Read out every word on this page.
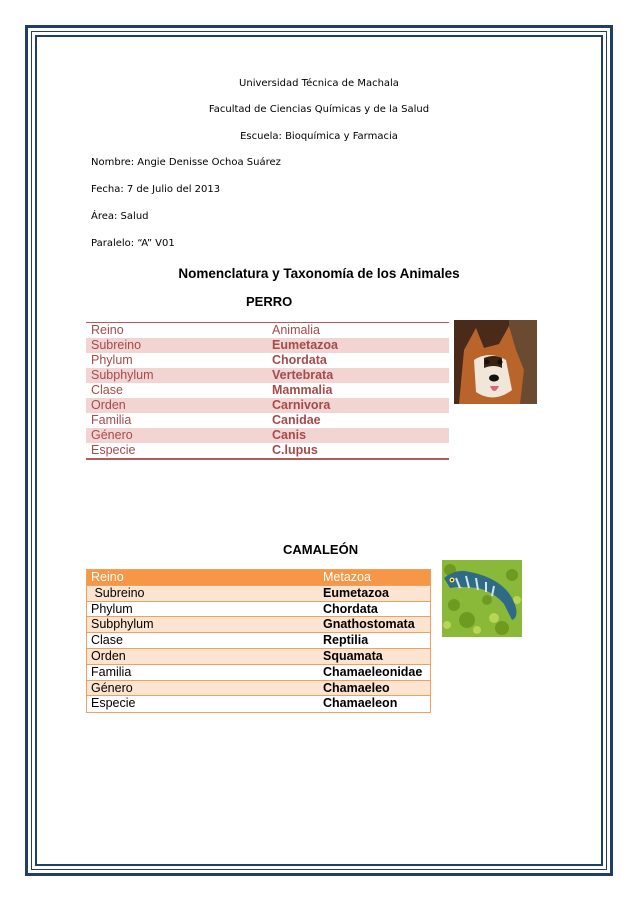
Universidad Técnica de Machala
Facultad de Ciencias Químicas y de la Salud
Escuela: Bioquímica y Farmacia
Nombre: Angie Denisse Ochoa Suárez
Fecha: 7 de Julio del 2013
Área: Salud
Paralelo: “A” V01
Nomenclatura y Taxonomía de los Animales
PERRO
Reino	Animalia
Subreino	Eumetazoa
Phylum	Chordata
Subphylum	Vertebrata
Clase	Mammalia
Orden	Carnivora
Familia	Canidae
Género	Canis
Especie	C.lupus
CAMALEÓN
Reino	Metazoa
Subreino	Eumetazoa
Phylum	Chordata
Subphylum	Gnathostomata
Clase	Reptilia
Orden	Squamata
Familia	Chamaeleonidae
Género	Chamaeleo
Especie	Chamaeleon
